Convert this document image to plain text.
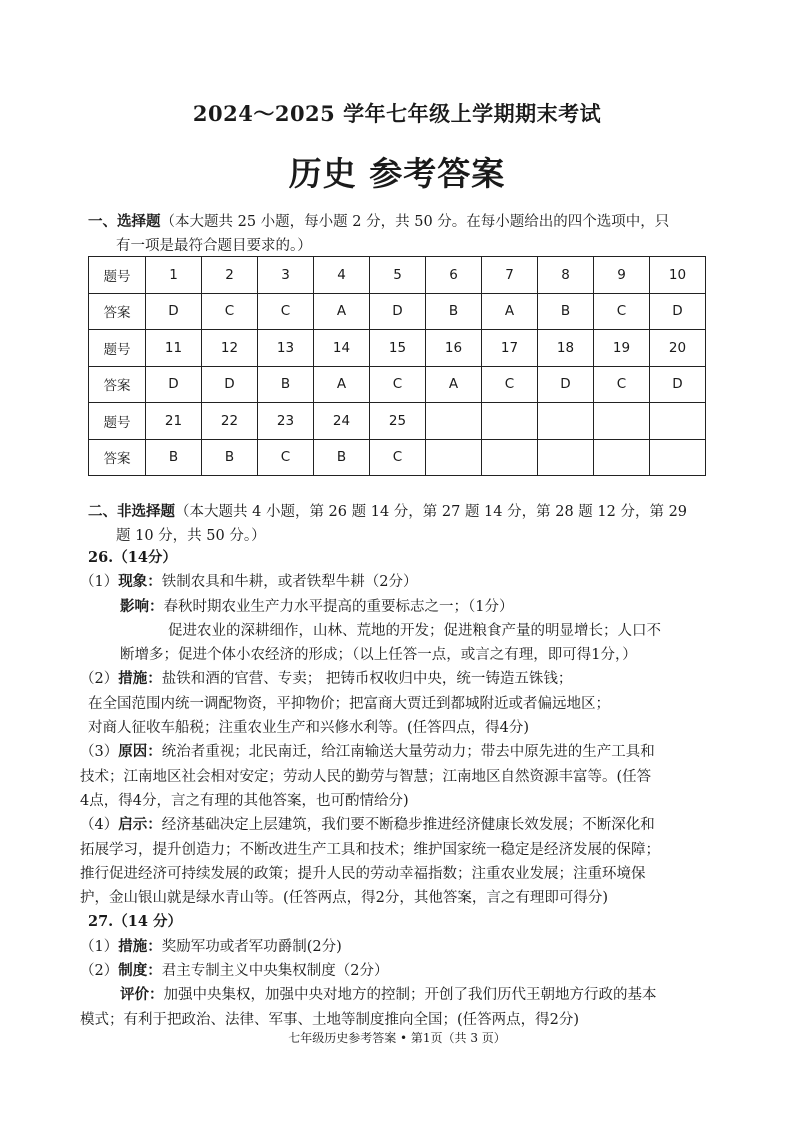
2024～2025 学年七年级上学期期末考试
历史 参考答案
一、选择题（本大题共 25 小题，每小题 2 分，共 50 分。在每小题给出的四个选项中，只
有一项是最符合题目要求的。）
题号	1	2	3	4	5	6	7	8	9	10
答案	D	C	C	A	D	B	A	B	C	D
题号	11	12	13	14	15	16	17	18	19	20
答案	D	D	B	A	C	A	C	D	C	D
题号	21	22	23	24	25					
答案	B	B	C	B	C					
二、非选择题（本大题共 4 小题，第 26 题 14 分，第 27 题 14 分，第 28 题 12 分，第 29
题 10 分，共 50 分。）

26.（14分）

（1）现象：铁制农具和牛耕，或者铁犁牛耕（2分）

影响：春秋时期农业生产力水平提高的重要标志之一；（1分）

促进农业的深耕细作，山林、荒地的开发；促进粮食产量的明显增长；人口不

断增多；促进个体小农经济的形成；（以上任答一点，或言之有理，即可得1分，）

（2）措施：盐铁和酒的官营、专卖； 把铸币权收归中央，统一铸造五铢钱；

在全国范围内统一调配物资，平抑物价；把富商大贾迁到都城附近或者偏远地区；

对商人征收车船税；注重农业生产和兴修水利等。(任答四点，得4分)

（3）原因：统治者重视；北民南迁，给江南输送大量劳动力；带去中原先进的生产工具和

技术；江南地区社会相对安定；劳动人民的勤劳与智慧；江南地区自然资源丰富等。(任答

4点，得4分，言之有理的其他答案，也可酌情给分)

（4）启示：经济基础决定上层建筑，我们要不断稳步推进经济健康长效发展；不断深化和

拓展学习，提升创造力；不断改进生产工具和技术；维护国家统一稳定是经济发展的保障；

推行促进经济可持续发展的政策；提升人民的劳动幸福指数；注重农业发展；注重环境保

护，金山银山就是绿水青山等。(任答两点，得2分，其他答案，言之有理即可得分)

27.（14 分）

（1）措施：奖励军功或者军功爵制(2分)

（2）制度：君主专制主义中央集权制度（2分）

评价：加强中央集权，加强中央对地方的控制；开创了我们历代王朝地方行政的基本

模式；有利于把政治、法律、军事、土地等制度推向全国；(任答两点，得2分)

七年级历史参考答案 • 第1页（共 3 页）
